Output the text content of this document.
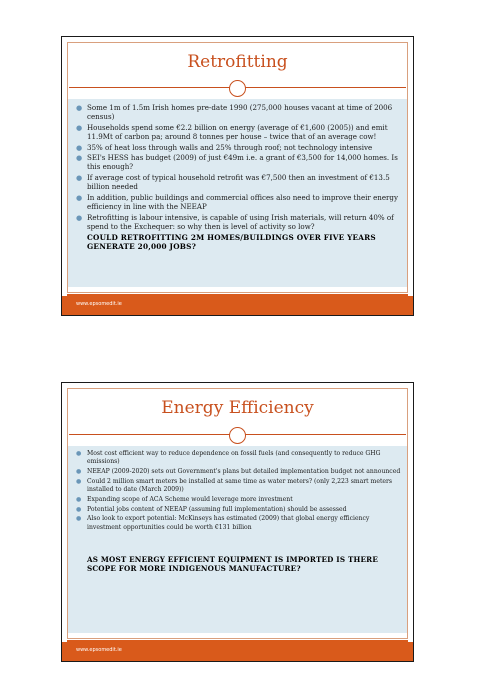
Retrofitting
● Some 1m of 1.5m Irish homes pre-date 1990 (275,000 houses vacant at time of 2006 census)
● Households spend some €2.2 billion on energy (average of €1,600 (2005)) and emit 11.9Mt of carbon pa; around 8 tonnes per house – twice that of an average cow!
● 35% of heat loss through walls and 25% through roof; not technology intensive
● SEI's HESS has budget (2009) of just €49m i.e. a grant of €3,500 for 14,000 homes. Is this enough?
● If average cost of typical household retrofit was €7,500 then an investment of €13.5 billion needed
● In addition, public buildings and commercial offices also need to improve their energy efficiency in line with the NEEAP
● Retrofitting is labour intensive, is capable of using Irish materials, will return 40% of spend to the Exchequer: so why then is level of activity so low?
COULD RETROFITTING 2M HOMES/BUILDINGS OVER FIVE YEARS GENERATE 20,000 JOBS?
www.epsomedit.ie
Energy Efficiency
● Most cost efficient way to reduce dependence on fossil fuels (and consequently to reduce GHG emissions)
● NEEAP (2009-2020) sets out Government's plans but detailed implementation budget not announced
● Could 2 million smart meters be installed at same time as water meters? (only 2,223 smart meters installed to date (March 2009))
● Expanding scope of ACA Scheme would leverage more investment
● Potential jobs content of NEEAP (assuming full implementation) should be assessed
● Also look to export potential: McKinseys has estimated (2009) that global energy efficiency investment opportunities could be worth €131 billion
AS MOST ENERGY EFFICIENT EQUIPMENT IS IMPORTED IS THERE SCOPE FOR MORE INDIGENOUS MANUFACTURE?
www.epsomedit.ie
